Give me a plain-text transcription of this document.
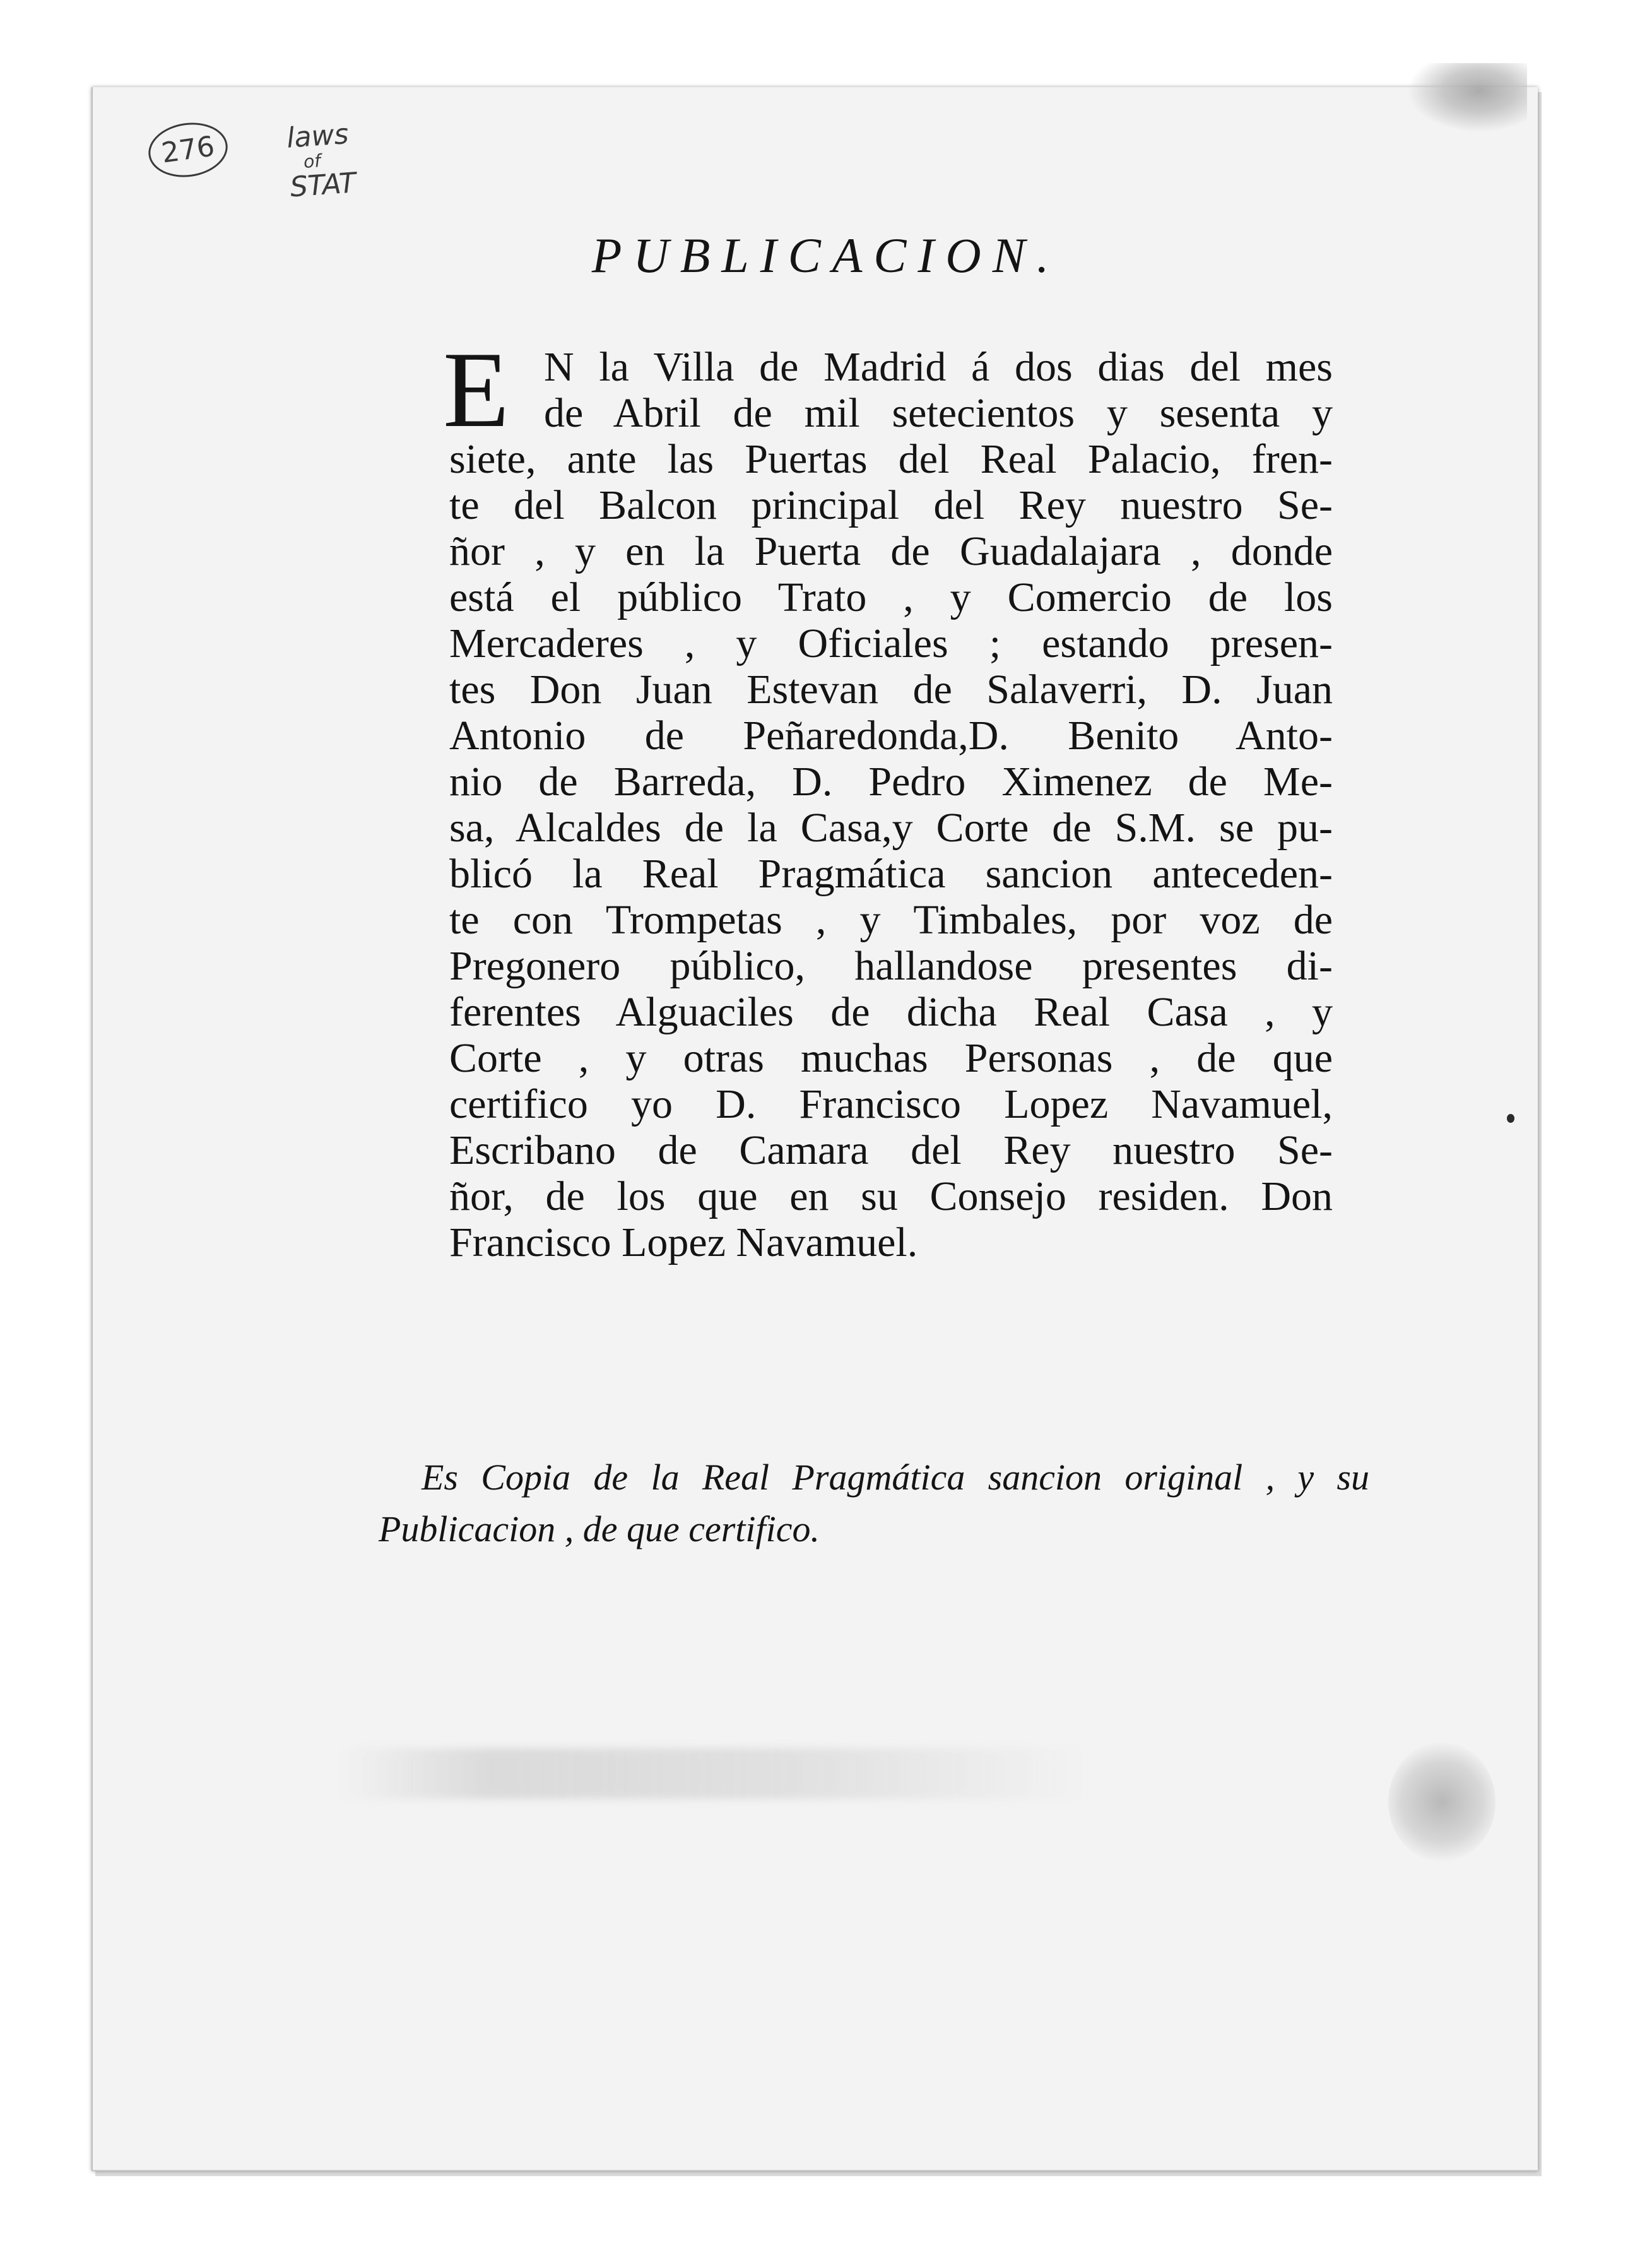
276 laws
of
STAT
PUBLICACION.
E N la Villa de Madrid á dos dias del mes
de Abril de mil setecientos y sesenta y
siete, ante las Puertas del Real Palacio, fren-
te del Balcon principal del Rey nuestro Se-
ñor , y en la Puerta de Guadalajara , donde
está el público Trato , y Comercio de los
Mercaderes , y Oficiales ; estando presen-
tes Don Juan Estevan de Salaverri, D. Juan
Antonio de Peñaredonda,D. Benito Anto-
nio de Barreda, D. Pedro Ximenez de Me-
sa, Alcaldes de la Casa,y Corte de S.M. se pu-
blicó la Real Pragmática sancion anteceden-
te con Trompetas , y Timbales, por voz de
Pregonero público, hallandose presentes di-
ferentes Alguaciles de dicha Real Casa , y
Corte , y otras muchas Personas , de que
certifico yo D. Francisco Lopez Navamuel,
Escribano de Camara del Rey nuestro Se-
ñor, de los que en su Consejo residen. Don
Francisco Lopez Navamuel.
Es Copia de la Real Pragmática sancion original , y su
Publicacion , de que certifico.
